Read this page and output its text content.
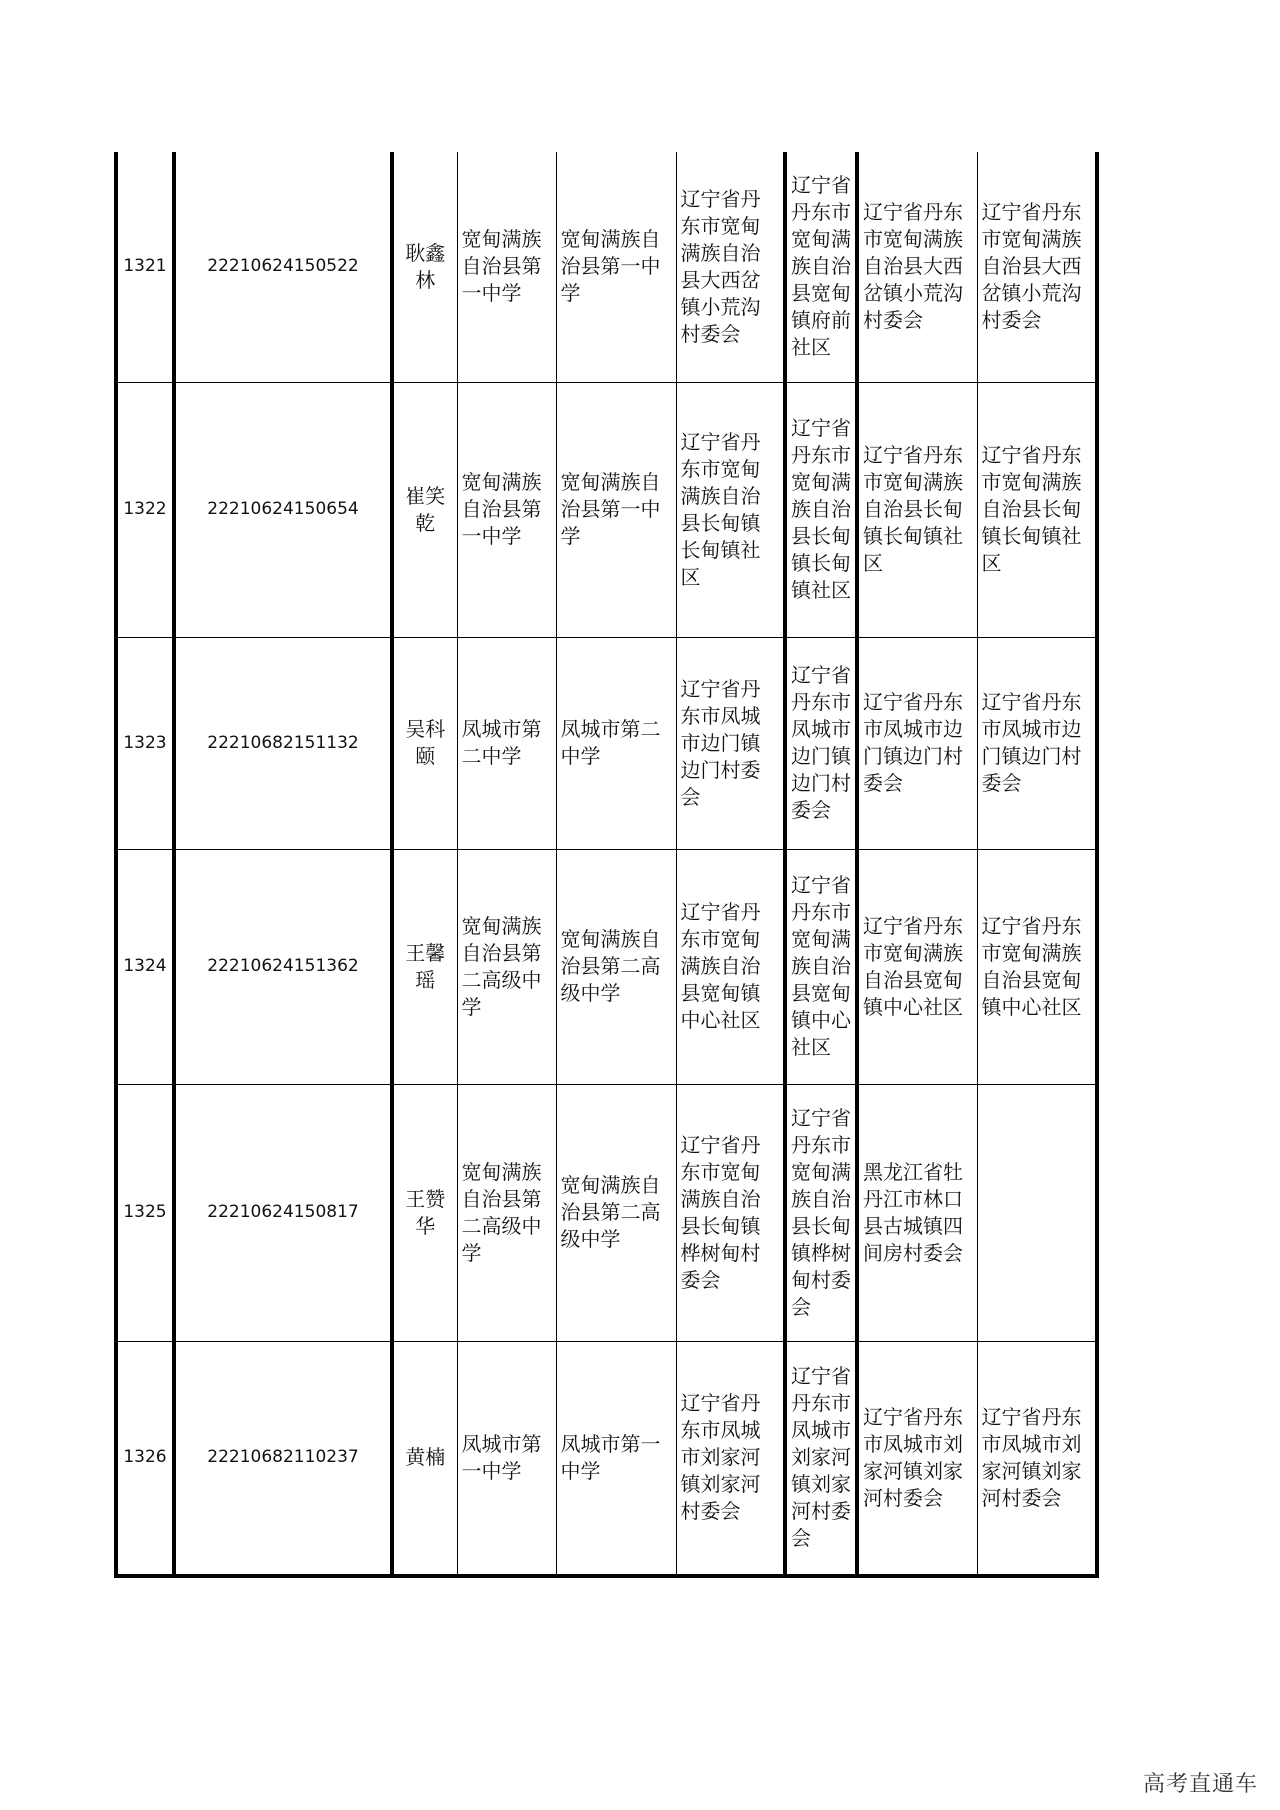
1321	22210624150522	耿鑫林	宽甸满族自治县第一中学	宽甸满族自治县第一中学	辽宁省丹东市宽甸满族自治县大西岔镇小荒沟村委会	辽宁省丹东市宽甸满族自治县宽甸镇府前社区	辽宁省丹东市宽甸满族自治县大西岔镇小荒沟村委会	辽宁省丹东市宽甸满族自治县大西岔镇小荒沟村委会
1322	22210624150654	崔笑乾	宽甸满族自治县第一中学	宽甸满族自治县第一中学	辽宁省丹东市宽甸满族自治县长甸镇长甸镇社区	辽宁省丹东市宽甸满族自治县长甸镇长甸镇社区	辽宁省丹东市宽甸满族自治县长甸镇长甸镇社区	辽宁省丹东市宽甸满族自治县长甸镇长甸镇社区
1323	22210682151132	吴科颐	凤城市第二中学	凤城市第二中学	辽宁省丹东市凤城市边门镇边门村委会	辽宁省丹东市凤城市边门镇边门村委会	辽宁省丹东市凤城市边门镇边门村委会	辽宁省丹东市凤城市边门镇边门村委会
1324	22210624151362	王馨瑶	宽甸满族自治县第二高级中学	宽甸满族自治县第二高级中学	辽宁省丹东市宽甸满族自治县宽甸镇中心社区	辽宁省丹东市宽甸满族自治县宽甸镇中心社区	辽宁省丹东市宽甸满族自治县宽甸镇中心社区	辽宁省丹东市宽甸满族自治县宽甸镇中心社区
1325	22210624150817	王赞华	宽甸满族自治县第二高级中学	宽甸满族自治县第二高级中学	辽宁省丹东市宽甸满族自治县长甸镇桦树甸村委会	辽宁省丹东市宽甸满族自治县长甸镇桦树甸村委会	黑龙江省牡丹江市林口县古城镇四间房村委会	
1326	22210682110237	黄楠	凤城市第一中学	凤城市第一中学	辽宁省丹东市凤城市刘家河镇刘家河村委会	辽宁省丹东市凤城市刘家河镇刘家河村委会	辽宁省丹东市凤城市刘家河镇刘家河村委会	辽宁省丹东市凤城市刘家河镇刘家河村委会
高考直通车
